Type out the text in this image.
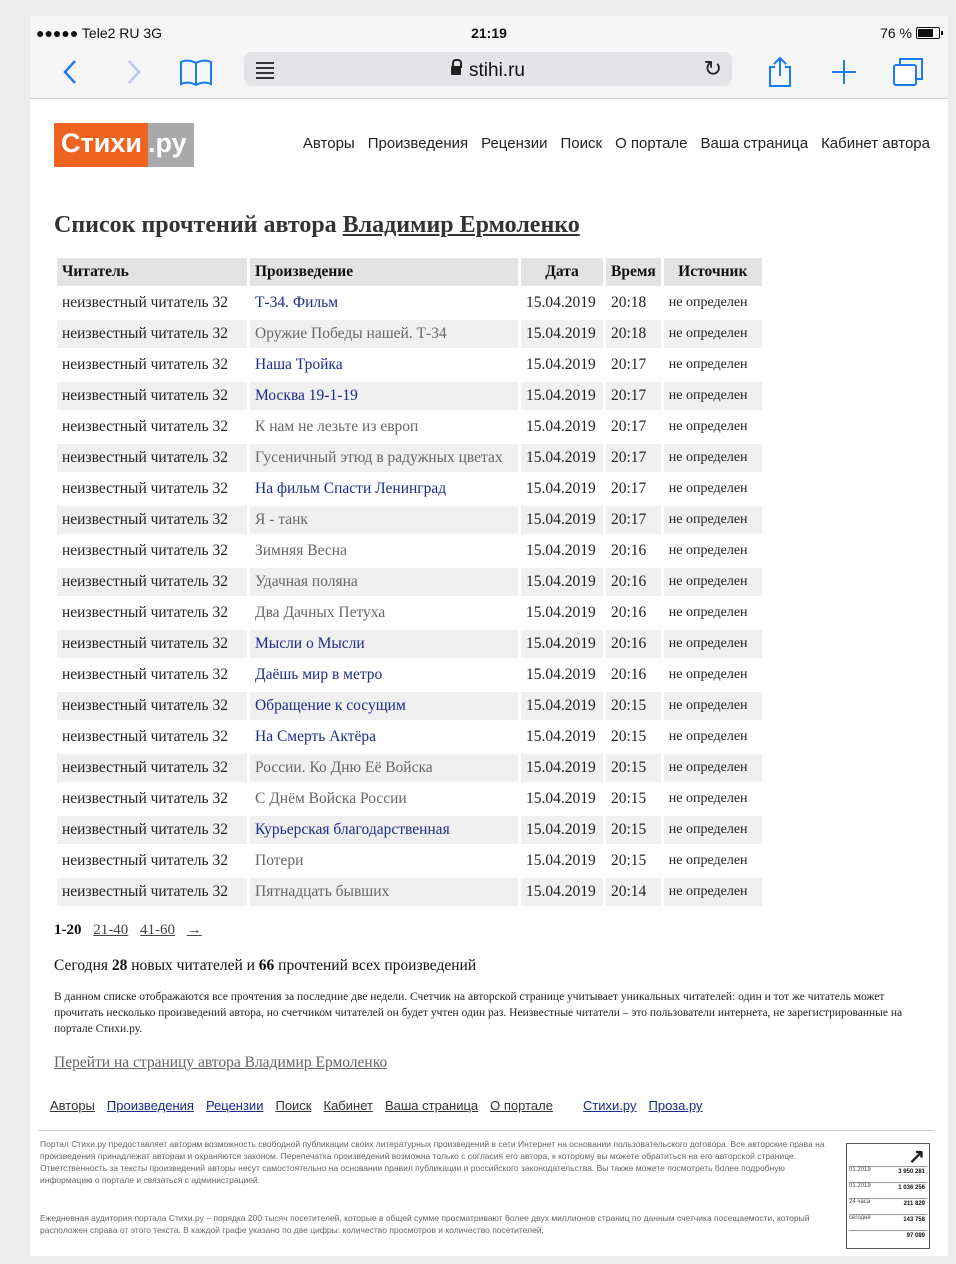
●●●●● Tele2 RU 3G	21:19	76 %
stihi.ru	↻
Стихи .ру	Авторы Произведения Рецензии Поиск О портале Ваша страница Кабинет автора
Список прочтений автора Владимир Ермоленко
Читатель	Произведение	Дата	Время	Источник
неизвестный читатель 32	Т-34. Фильм	15.04.2019	20:18	не определен
неизвестный читатель 32	Оружие Победы нашей. Т-34	15.04.2019	20:18	не определен
неизвестный читатель 32	Наша Тройка	15.04.2019	20:17	не определен
неизвестный читатель 32	Москва 19-1-19	15.04.2019	20:17	не определен
неизвестный читатель 32	К нам не лезьте из европ	15.04.2019	20:17	не определен
неизвестный читатель 32	Гусеничный этюд в радужных цветах	15.04.2019	20:17	не определен
неизвестный читатель 32	На фильм Спасти Ленинград	15.04.2019	20:17	не определен
неизвестный читатель 32	Я - танк	15.04.2019	20:17	не определен
неизвестный читатель 32	Зимняя Весна	15.04.2019	20:16	не определен
неизвестный читатель 32	Удачная поляна	15.04.2019	20:16	не определен
неизвестный читатель 32	Два Дачных Петуха	15.04.2019	20:16	не определен
неизвестный читатель 32	Мысли о Мысли	15.04.2019	20:16	не определен
неизвестный читатель 32	Даёшь мир в метро	15.04.2019	20:16	не определен
неизвестный читатель 32	Обращение к сосущим	15.04.2019	20:15	не определен
неизвестный читатель 32	На Смерть Актёра	15.04.2019	20:15	не определен
неизвестный читатель 32	России. Ко Дню Её Войска	15.04.2019	20:15	не определен
неизвестный читатель 32	С Днём Войска России	15.04.2019	20:15	не определен
неизвестный читатель 32	Курьерская благодарственная	15.04.2019	20:15	не определен
неизвестный читатель 32	Потери	15.04.2019	20:15	не определен
неизвестный читатель 32	Пятнадцать бывших	15.04.2019	20:14	не определен
1-20 21-40 41-60 →
Сегодня 28 новых читателей и 66 прочтений всех произведений
В данном списке отображаются все прочтения за последние две недели. Счетчик на авторской странице учитывает уникальных читателей: один и тот же читатель может прочитать несколько произведений автора, но счетчиком читателей он будет учтен один раз. Неизвестные читатели – это пользователи интернета, не зарегистрированные на портале Стихи.ру.
Перейти на страницу автора Владимир Ермоленко
Авторы Произведения Рецензии Поиск Кабинет Ваша страница О портале Стихи.ру Проза.ру
Портал Стихи.ру предоставляет авторам возможность свободной публикации своих литературных произведений в сети Интернет на основании пользовательского договора. Все авторские права на произведения принадлежат авторам и охраняются законом. Перепечатка произведений возможна только с согласия его автора, к которому вы можете обратиться на его авторской странице. Ответственность за тексты произведений авторы несут самостоятельно на основании правил публикации и российского законодательства. Вы также можете посмотреть более подробную информацию о портале и связаться с администрацией.
Ежедневная аудитория портала Стихи.ру – порядка 200 тысяч посетителей, которые в общей сумме просматривают более двух миллионов страниц по данным счетчика посещаемости, который расположен справа от этого текста. В каждой графе указано по две цифры: количество просмотров и количество посетителей.
↗
01.2019	3 950 281
01.2019	1 036 256
24 часа	211 829
сегодня	143 758
97 089
